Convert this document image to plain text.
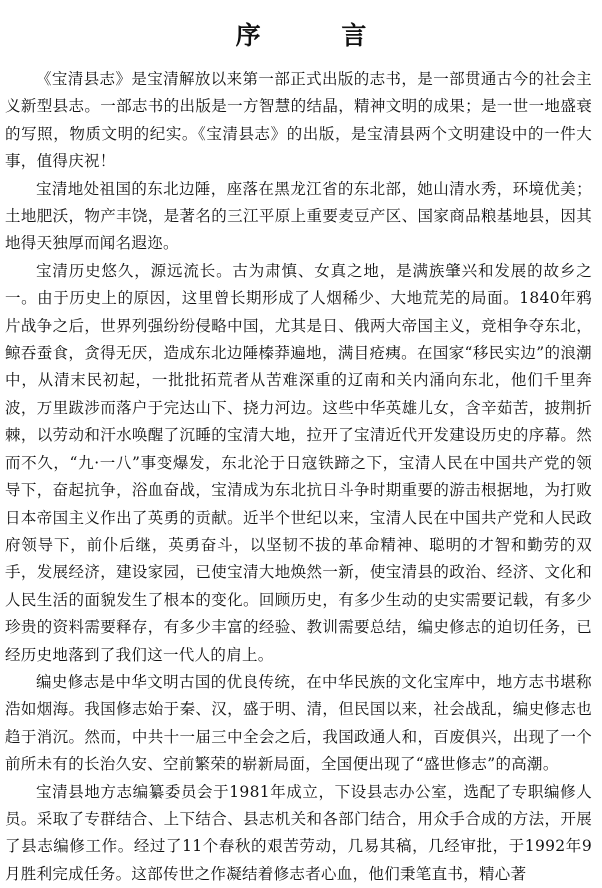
序 言

《宝清县志》是宝清解放以来第一部正式出版的志书，是一部贯通古今的社会主义新型县志。一部志书的出版是一方智慧的结晶，精神文明的成果；是一世一地盛衰的写照，物质文明的纪实。《宝清县志》的出版，是宝清县两个文明建设中的一件大事，值得庆祝！

宝清地处祖国的东北边陲，座落在黑龙江省的东北部，她山清水秀，环境优美；土地肥沃，物产丰饶，是著名的三江平原上重要麦豆产区、国家商品粮基地县，因其地得天独厚而闻名遐迩。

宝清历史悠久，源远流长。古为肃慎、女真之地，是满族肇兴和发展的故乡之一。由于历史上的原因，这里曾长期形成了人烟稀少、大地荒芜的局面。1840年鸦片战争之后，世界列强纷纷侵略中国，尤其是日、俄两大帝国主义，竞相争夺东北，鲸吞蚕食，贪得无厌，造成东北边陲榛莽遍地，满目疮痍。在国家“移民实边”的浪潮中，从清末民初起，一批批拓荒者从苦难深重的辽南和关内涌向东北，他们千里奔波，万里跋涉而落户于完达山下、挠力河边。这些中华英雄儿女，含辛茹苦，披荆折棘，以劳动和汗水唤醒了沉睡的宝清大地，拉开了宝清近代开发建设历史的序幕。然而不久，“九·一八”事变爆发，东北沦于日寇铁蹄之下，宝清人民在中国共产党的领导下，奋起抗争，浴血奋战，宝清成为东北抗日斗争时期重要的游击根据地，为打败日本帝国主义作出了英勇的贡献。近半个世纪以来，宝清人民在中国共产党和人民政府领导下，前仆后继，英勇奋斗，以坚韧不拔的革命精神、聪明的才智和勤劳的双手，发展经济，建设家园，已使宝清大地焕然一新，使宝清县的政治、经济、文化和人民生活的面貌发生了根本的变化。回顾历史，有多少生动的史实需要记载，有多少珍贵的资料需要释存，有多少丰富的经验、教训需要总结，编史修志的迫切任务，已经历史地落到了我们这一代人的肩上。

编史修志是中华文明古国的优良传统，在中华民族的文化宝库中，地方志书堪称浩如烟海。我国修志始于秦、汉，盛于明、清，但民国以来，社会战乱，编史修志也趋于消沉。然而，中共十一届三中全会之后，我国政通人和，百废俱兴，出现了一个前所未有的长治久安、空前繁荣的崭新局面，全国便出现了“盛世修志”的高潮。

宝清县地方志编纂委员会于1981年成立，下设县志办公室，选配了专职编修人员。采取了专群结合、上下结合、县志机关和各部门结合，用众手合成的方法，开展了县志编修工作。经过了11个春秋的艰苦劳动，几易其稿，几经审批，于1992年9月胜利完成任务。这部传世之作凝结着修志者心血，他们秉笔直书，精心著
